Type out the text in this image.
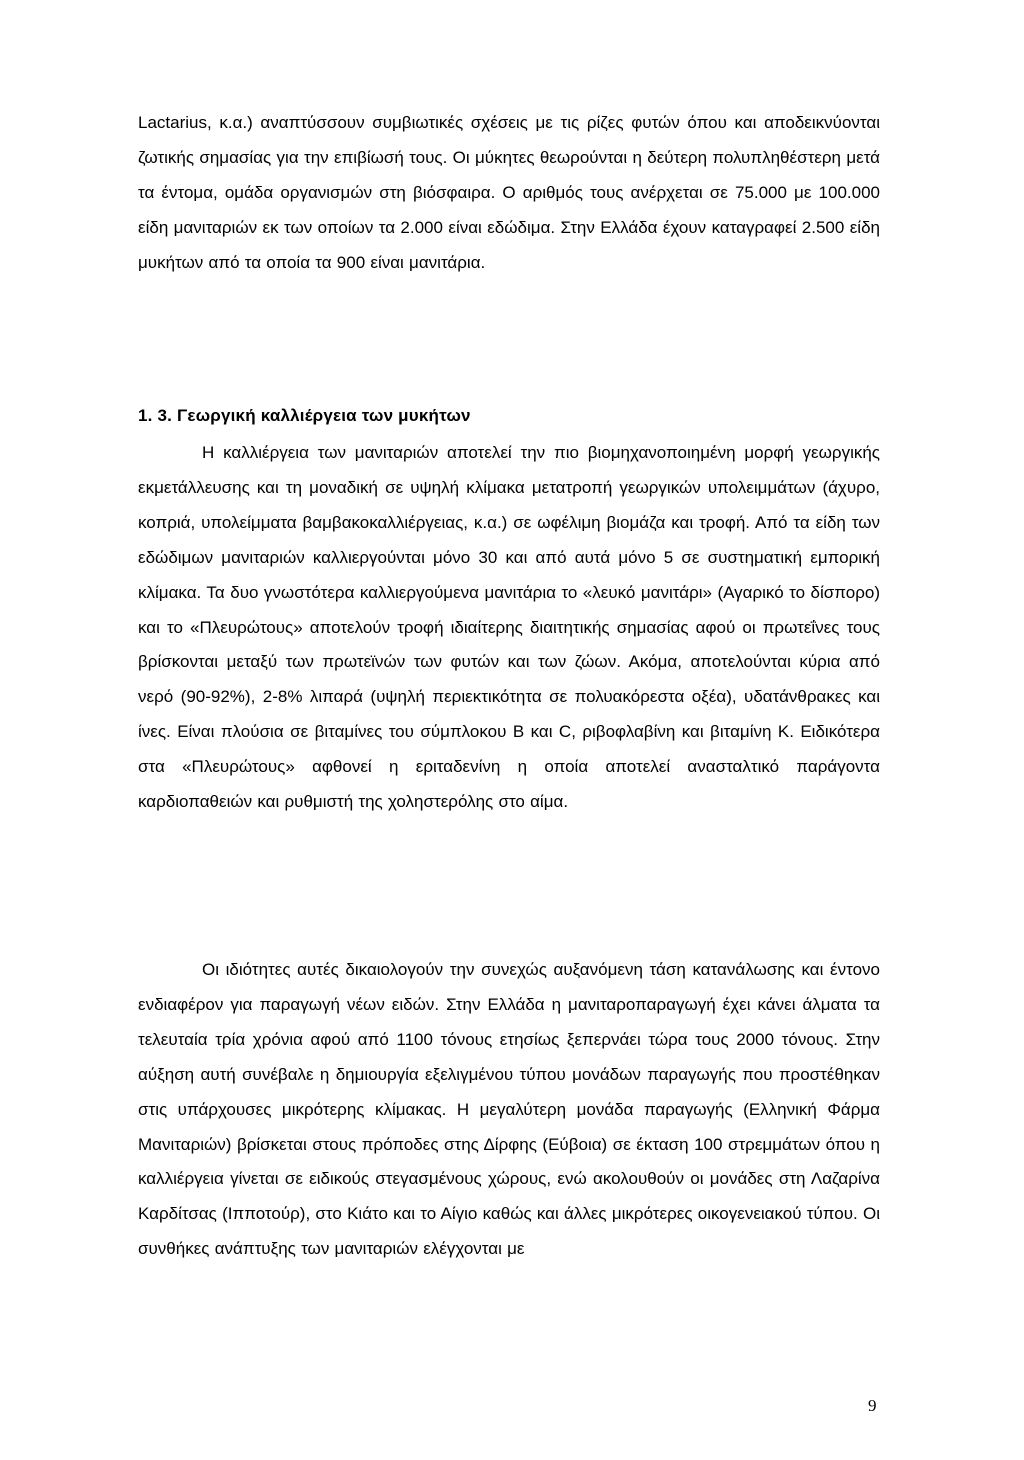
Lactarius, κ.α.) αναπτύσσουν συμβιωτικές σχέσεις με τις ρίζες φυτών όπου και αποδεικνύονται ζωτικής σημασίας για την επιβίωσή τους. Οι μύκητες θεωρούνται η δεύτερη πολυπληθέστερη μετά τα έντομα, ομάδα οργανισμών στη βιόσφαιρα. Ο αριθμός τους ανέρχεται σε 75.000 με 100.000 είδη μανιταριών εκ των οποίων τα 2.000 είναι εδώδιμα. Στην Ελλάδα έχουν καταγραφεί 2.500 είδη μυκήτων από τα οποία τα 900 είναι μανιτάρια.

1. 3. Γεωργική καλλιέργεια των μυκήτων

Η καλλιέργεια των μανιταριών αποτελεί την πιο βιομηχανοποιημένη μορφή γεωργικής εκμετάλλευσης και τη μοναδική σε υψηλή κλίμακα μετατροπή γεωργικών υπολειμμάτων (άχυρο, κοπριά, υπολείμματα βαμβακοκαλλιέργειας, κ.α.) σε ωφέλιμη βιομάζα και τροφή. Από τα είδη των εδώδιμων μανιταριών καλλιεργούνται μόνο 30 και από αυτά μόνο 5 σε συστηματική εμπορική κλίμακα. Τα δυο γνωστότερα καλλιεργούμενα μανιτάρια το «λευκό μανιτάρι» (Αγαρικό το δίσπορο) και το «Πλευρώτους» αποτελούν τροφή ιδιαίτερης διαιτητικής σημασίας αφού οι πρωτεΐνες τους βρίσκονται μεταξύ των πρωτεϊνών των φυτών και των ζώων. Ακόμα, αποτελούνται κύρια από νερό (90-92%), 2-8% λιπαρά (υψηλή περιεκτικότητα σε πολυακόρεστα οξέα), υδατάνθρακες και ίνες. Είναι πλούσια σε βιταμίνες του σύμπλοκου Β και C, ριβοφλαβίνη και βιταμίνη Κ. Ειδικότερα στα «Πλευρώτους» αφθονεί η εριταδενίνη η οποία αποτελεί ανασταλτικό παράγοντα καρδιοπαθειών και ρυθμιστή της χοληστερόλης στο αίμα.

Οι ιδιότητες αυτές δικαιολογούν την συνεχώς αυξανόμενη τάση κατανάλωσης και έντονο ενδιαφέρον για παραγωγή νέων ειδών. Στην Ελλάδα η μανιταροπαραγωγή έχει κάνει άλματα τα τελευταία τρία χρόνια αφού από 1100 τόνους ετησίως ξεπερνάει τώρα τους 2000 τόνους. Στην αύξηση αυτή συνέβαλε η δημιουργία εξελιγμένου τύπου μονάδων παραγωγής που προστέθηκαν στις υπάρχουσες μικρότερης κλίμακας. Η μεγαλύτερη μονάδα παραγωγής (Ελληνική Φάρμα Μανιταριών) βρίσκεται στους πρόποδες στης Δίρφης (Εύβοια) σε έκταση 100 στρεμμάτων όπου η καλλιέργεια γίνεται σε ειδικούς στεγασμένους χώρους, ενώ ακολουθούν οι μονάδες στη Λαζαρίνα Καρδίτσας (Ιπποτούρ), στο Κιάτο και το Αίγιο καθώς και άλλες μικρότερες οικογενειακού τύπου. Οι συνθήκες ανάπτυξης των μανιταριών ελέγχονται με

9
